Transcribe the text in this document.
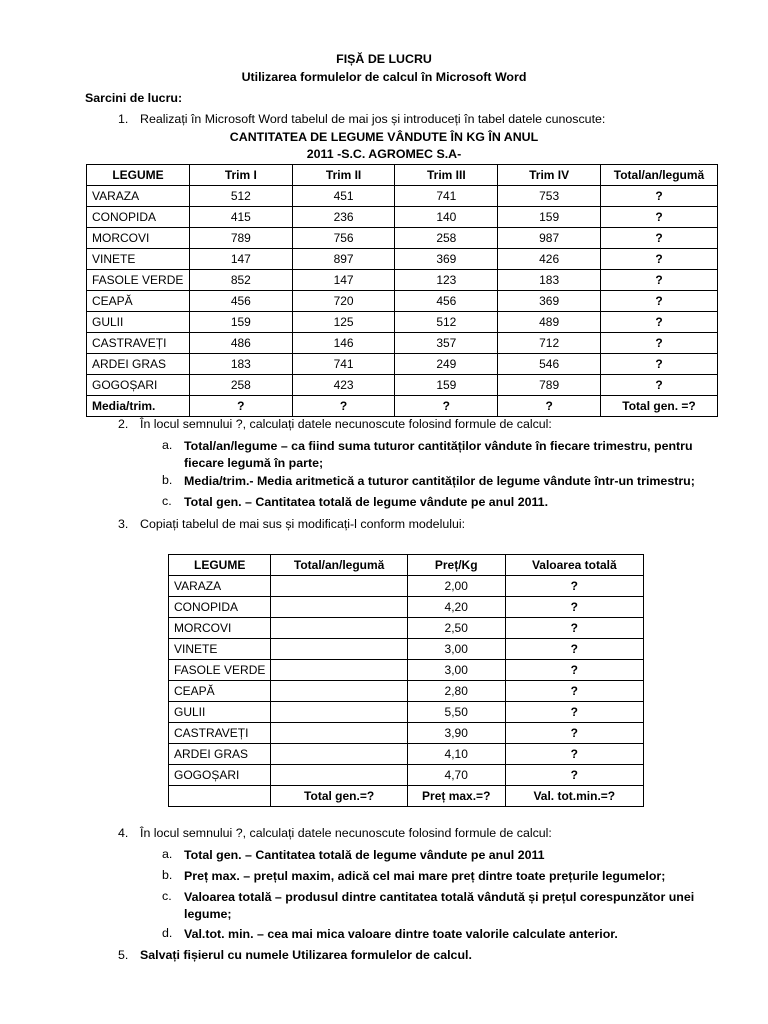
FIȘĂ DE LUCRU
Utilizarea formulelor de calcul în Microsoft Word
Sarcini de lucru:
1. Realizați în Microsoft Word tabelul de mai jos și introduceți în tabel datele cunoscute:
CANTITATEA DE LEGUME VÂNDUTE ÎN KG ÎN ANUL
2011 -S.C. AGROMEC S.A-
LEGUME	Trim I	Trim II	Trim III	Trim IV	Total/an/legumă
VARAZA	512	451	741	753	?
CONOPIDA	415	236	140	159	?
MORCOVI	789	756	258	987	?
VINETE	147	897	369	426	?
FASOLE VERDE	852	147	123	183	?
CEAPĂ	456	720	456	369	?
GULII	159	125	512	489	?
CASTRAVEȚI	486	146	357	712	?
ARDEI GRAS	183	741	249	546	?
GOGOȘARI	258	423	159	789	?
Media/trim.	?	?	?	?	Total gen. =?
2. În locul semnului ?, calculați datele necunoscute folosind formule de calcul:
a. Total/an/legume – ca fiind suma tuturor cantităților vândute în fiecare trimestru, pentru fiecare legumă în parte;
b. Media/trim.- Media aritmetică a tuturor cantităților de legume vândute într-un trimestru;
c. Total gen. – Cantitatea totală de legume vândute pe anul 2011.
3. Copiați tabelul de mai sus și modificați-l conform modelului:
LEGUME	Total/an/legumă	Preț/Kg	Valoarea totală
VARAZA		2,00	?
CONOPIDA		4,20	?
MORCOVI		2,50	?
VINETE		3,00	?
FASOLE VERDE		3,00	?
CEAPĂ		2,80	?
GULII		5,50	?
CASTRAVEȚI		3,90	?
ARDEI GRAS		4,10	?
GOGOȘARI		4,70	?
	Total gen.=?	Preț max.=?	Val. tot.min.=?
4. În locul semnului ?, calculați datele necunoscute folosind formule de calcul:
a. Total gen. – Cantitatea totală de legume vândute pe anul 2011
b. Preț max. – prețul maxim, adică cel mai mare preț dintre toate prețurile legumelor;
c. Valoarea totală – produsul dintre cantitatea totală vândută și prețul corespunzător unei legume;
d. Val.tot. min. – cea mai mica valoare dintre toate valorile calculate anterior.
5. Salvați fișierul cu numele Utilizarea formulelor de calcul.
